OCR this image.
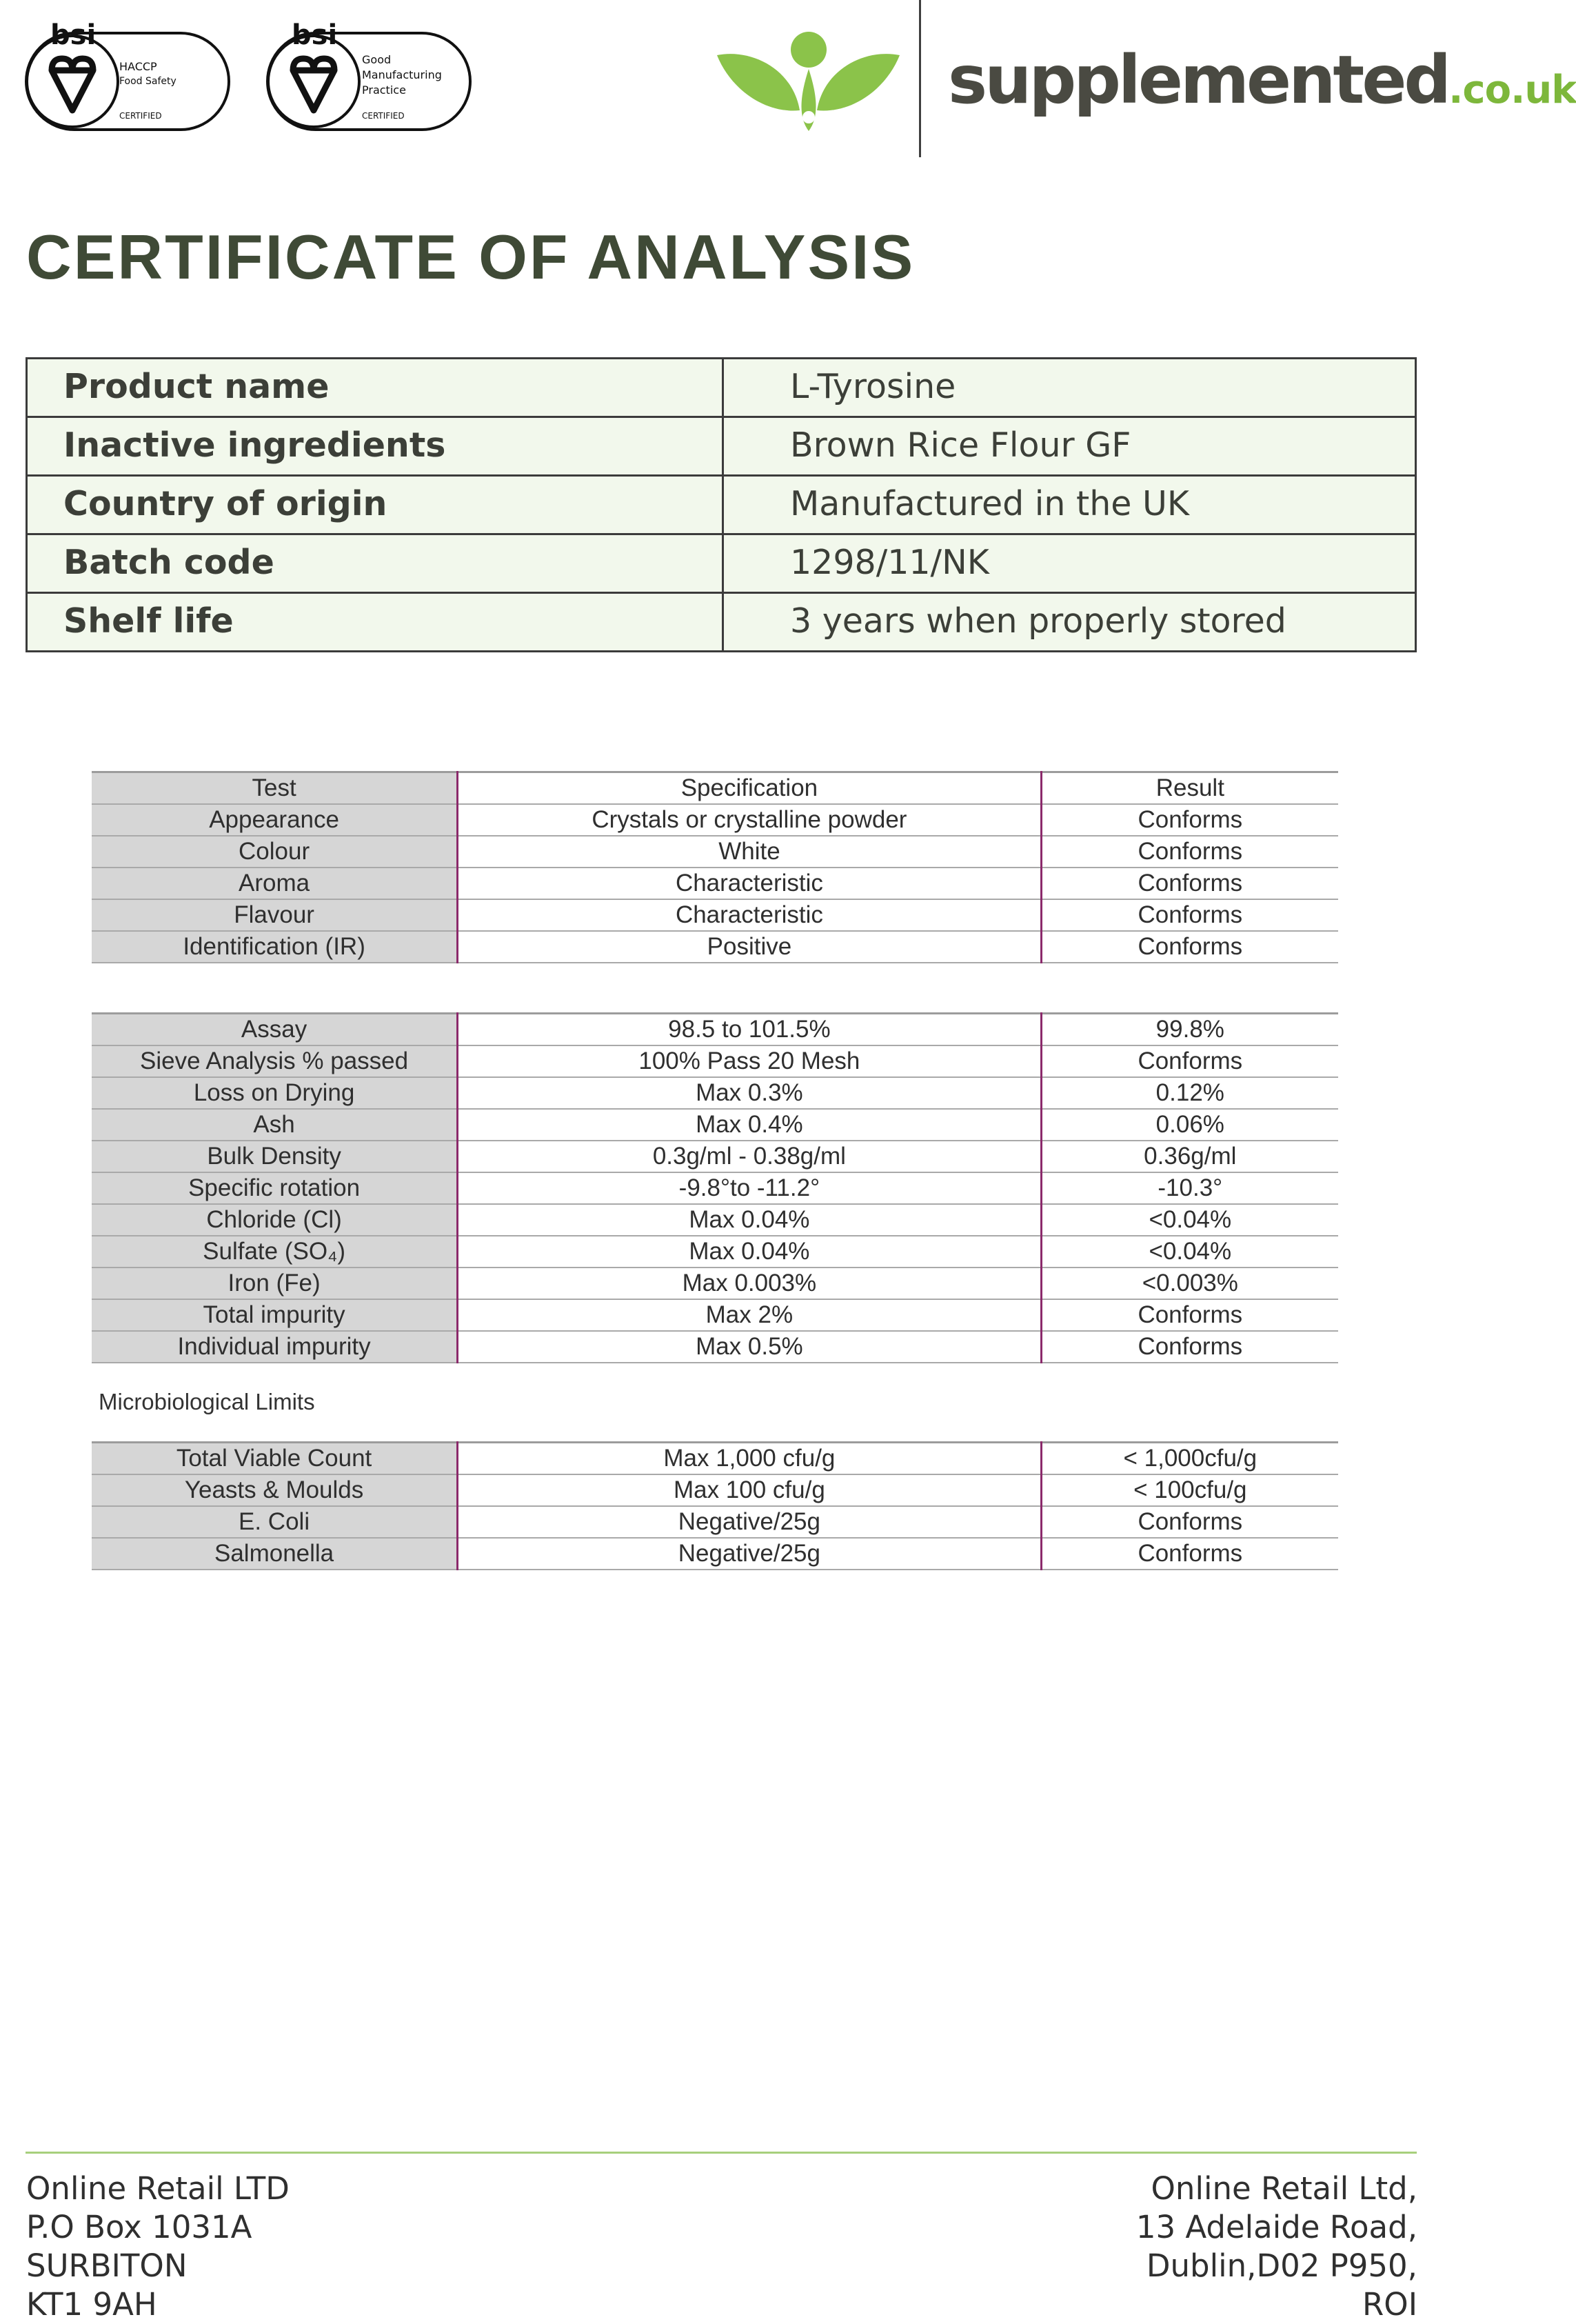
bsi
HACCP
Food Safety
CERTIFIED
bsi
Good
Manufacturing
Practice
CERTIFIED	supplemented.co.uk
CERTIFICATE OF ANALYSIS
Product name	L-Tyrosine
Inactive ingredients	Brown Rice Flour GF
Country of origin	Manufactured in the UK
Batch code	1298/11/NK
Shelf life	3 years when properly stored
Test	Specification	Result
Appearance	Crystals or crystalline powder	Conforms
Colour	White	Conforms
Aroma	Characteristic	Conforms
Flavour	Characteristic	Conforms
Identification (IR)	Positive	Conforms
Assay	98.5 to 101.5%	99.8%
Sieve Analysis % passed	100% Pass 20 Mesh	Conforms
Loss on Drying	Max 0.3%	0.12%
Ash	Max 0.4%	0.06%
Bulk Density	0.3g/ml - 0.38g/ml	0.36g/ml
Specific rotation	-9.8°to -11.2°	-10.3°
Chloride (Cl)	Max 0.04%	<0.04%
Sulfate (SO₄)	Max 0.04%	<0.04%
Iron (Fe)	Max 0.003%	<0.003%
Total impurity	Max 2%	Conforms
Individual impurity	Max 0.5%	Conforms
Microbiological Limits
Total Viable Count	Max 1,000 cfu/g	< 1,000cfu/g
Yeasts & Moulds	Max 100 cfu/g	< 100cfu/g
E. Coli	Negative/25g	Conforms
Salmonella	Negative/25g	Conforms
Online Retail LTD
P.O Box 1031A
SURBITON
KT1 9AH
Online Retail Ltd,
13 Adelaide Road,
Dublin,D02 P950,
ROI
